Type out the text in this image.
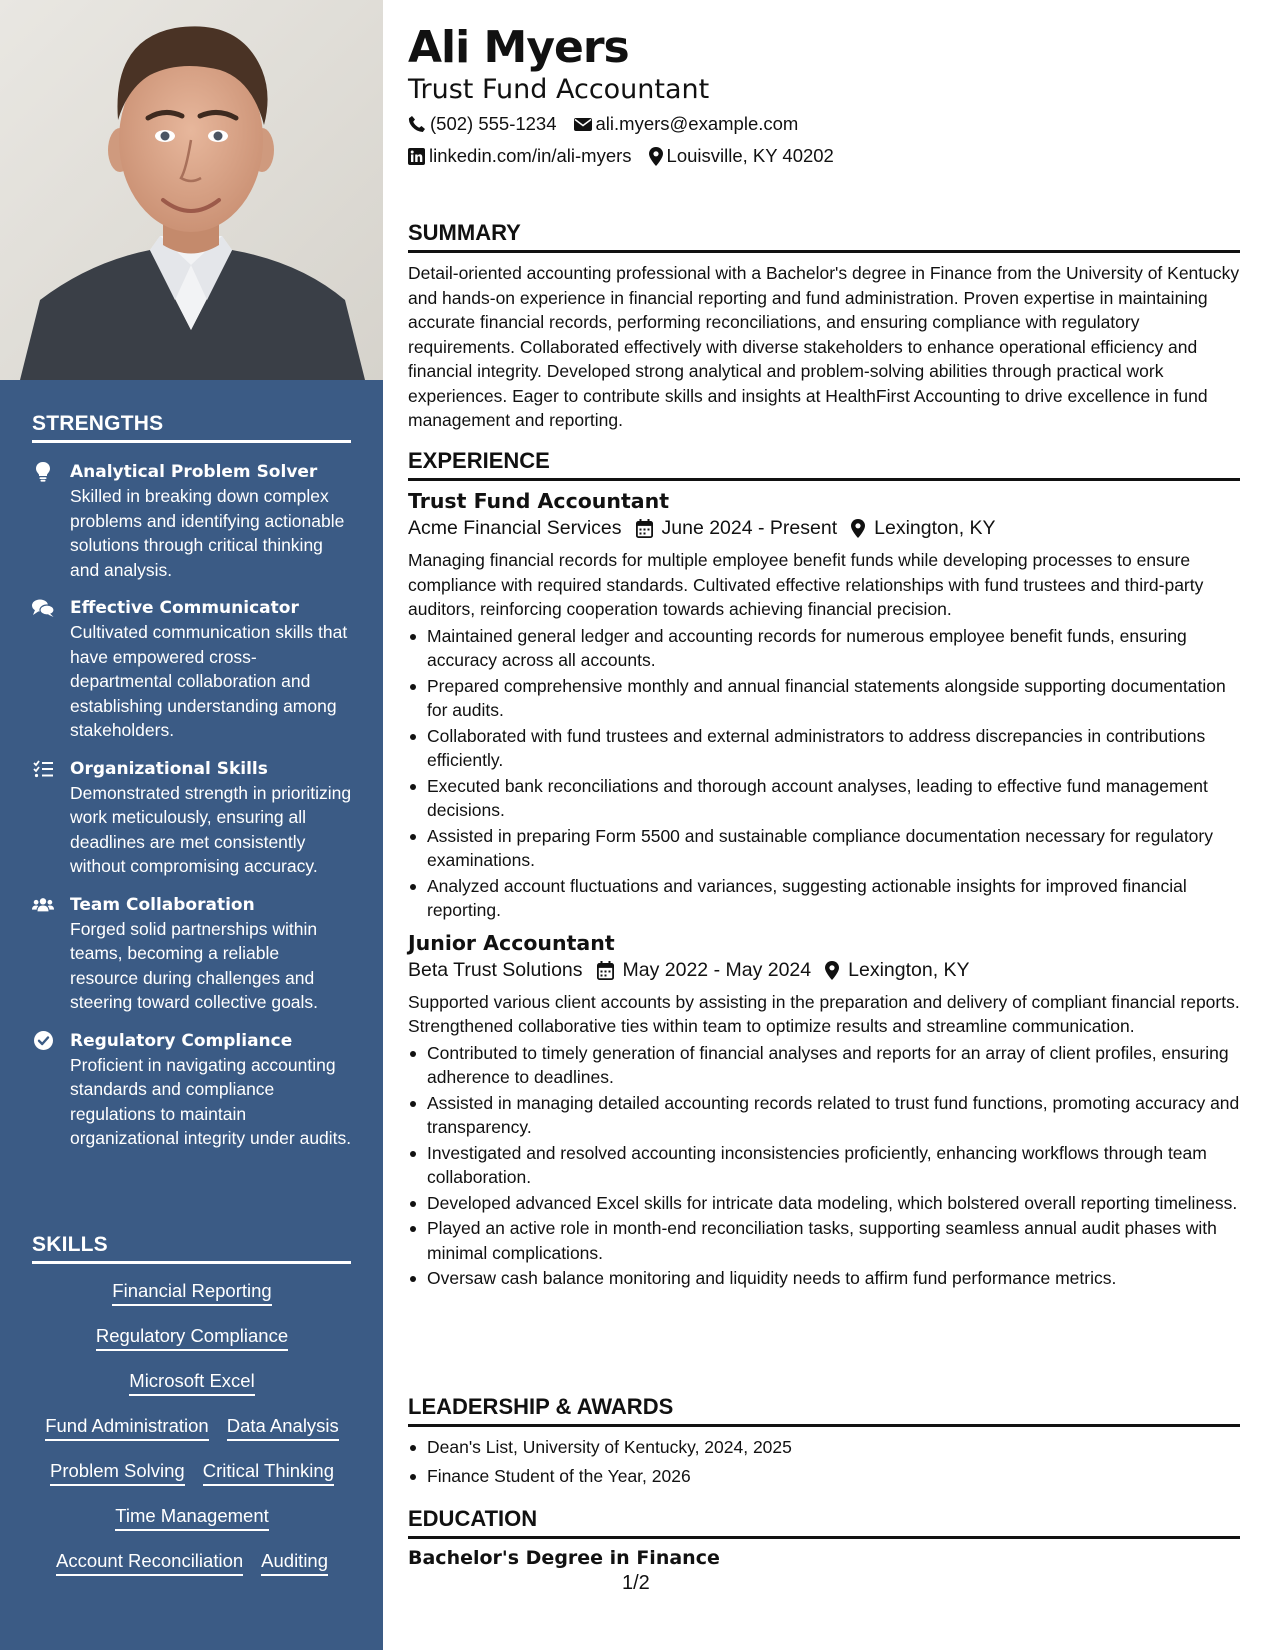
STRENGTHS
Analytical Problem Solver
Skilled in breaking down complex problems and identifying actionable solutions through critical thinking and analysis.
Effective Communicator
Cultivated communication skills that have empowered cross-departmental collaboration and establishing understanding among stakeholders.
Organizational Skills
Demonstrated strength in prioritizing work meticulously, ensuring all deadlines are met consistently without compromising accuracy.
Team Collaboration
Forged solid partnerships within teams, becoming a reliable resource during challenges and steering toward collective goals.
Regulatory Compliance
Proficient in navigating accounting standards and compliance regulations to maintain organizational integrity under audits.
SKILLS
Financial Reporting
Regulatory Compliance
Microsoft Excel
Fund Administration Data Analysis
Problem Solving Critical Thinking
Time Management
Account Reconciliation Auditing
Ali Myers
Trust Fund Accountant
(502) 555-1234 ali.myers@example.com
linkedin.com/in/ali-myers Louisville, KY 40202
SUMMARY
Detail-oriented accounting professional with a Bachelor's degree in Finance from the University of Kentucky and hands-on experience in financial reporting and fund administration. Proven expertise in maintaining accurate financial records, performing reconciliations, and ensuring compliance with regulatory requirements. Collaborated effectively with diverse stakeholders to enhance operational efficiency and financial integrity. Developed strong analytical and problem-solving abilities through practical work experiences. Eager to contribute skills and insights at HealthFirst Accounting to drive excellence in fund management and reporting.
EXPERIENCE
Trust Fund Accountant
Acme Financial Services June 2024 - Present Lexington, KY
Managing financial records for multiple employee benefit funds while developing processes to ensure compliance with required standards. Cultivated effective relationships with fund trustees and third-party auditors, reinforcing cooperation towards achieving financial precision.
Maintained general ledger and accounting records for numerous employee benefit funds, ensuring accuracy across all accounts.
Prepared comprehensive monthly and annual financial statements alongside supporting documentation for audits.
Collaborated with fund trustees and external administrators to address discrepancies in contributions efficiently.
Executed bank reconciliations and thorough account analyses, leading to effective fund management decisions.
Assisted in preparing Form 5500 and sustainable compliance documentation necessary for regulatory examinations.
Analyzed account fluctuations and variances, suggesting actionable insights for improved financial reporting.
Junior Accountant
Beta Trust Solutions May 2022 - May 2024 Lexington, KY
Supported various client accounts by assisting in the preparation and delivery of compliant financial reports. Strengthened collaborative ties within team to optimize results and streamline communication.
Contributed to timely generation of financial analyses and reports for an array of client profiles, ensuring adherence to deadlines.
Assisted in managing detailed accounting records related to trust fund functions, promoting accuracy and transparency.
Investigated and resolved accounting inconsistencies proficiently, enhancing workflows through team collaboration.
Developed advanced Excel skills for intricate data modeling, which bolstered overall reporting timeliness.
Played an active role in month-end reconciliation tasks, supporting seamless annual audit phases with minimal complications.
Oversaw cash balance monitoring and liquidity needs to affirm fund performance metrics.
LEADERSHIP & AWARDS
Dean's List, University of Kentucky, 2024, 2025
Finance Student of the Year, 2026
EDUCATION
Bachelor's Degree in Finance
1/2
